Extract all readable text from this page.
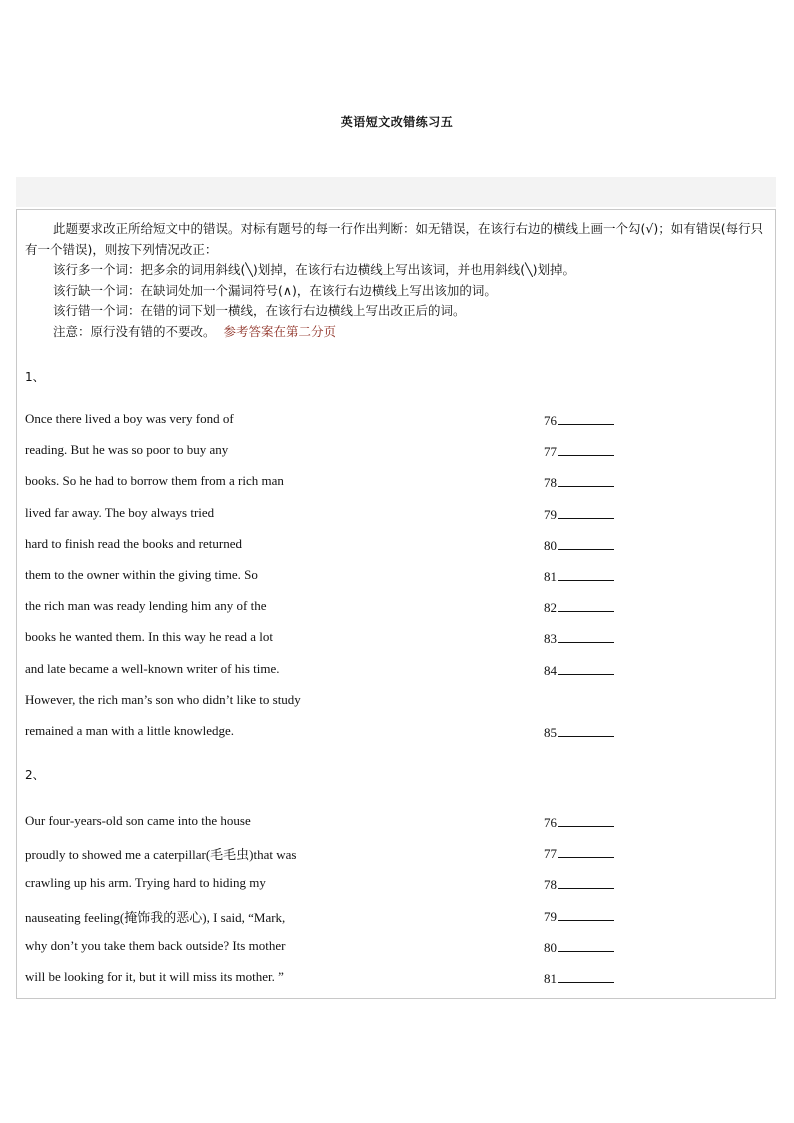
英语短文改错练习五

此题要求改正所给短文中的错误。对标有题号的每一行作出判断：如无错误，在该行右边的横线上画一个勾(√)；如有错误(每行只有一个错误)，则按下列情况改正：

该行多一个词：把多余的词用斜线(╲)划掉，在该行右边横线上写出该词，并也用斜线(╲)划掉。

该行缺一个词：在缺词处加一个漏词符号(∧)，在该行右边横线上写出该加的词。

该行错一个词：在错的词下划一横线，在该行右边横线上写出改正后的词。

注意：原行没有错的不要改。 参考答案在第二分页

1、
Once there lived a boy was very fond of	76
reading. But he was so poor to buy any	77
books. So he had to borrow them from a rich man	78
lived far away. The boy always tried	79
hard to finish read the books and returned	80
them to the owner within the giving time. So	81
the rich man was ready lending him any of the	82
books he wanted them. In this way he read a lot	83
and late became a well-known writer of his time.	84
However, the rich man’s son who didn’t like to study
remained a man with a little knowledge.	85
2、
Our four-years-old son came into the house	76
proudly to showed me a caterpillar(毛毛虫)that was	77
crawling up his arm. Trying hard to hiding my	78
nauseating feeling(掩饰我的恶心), I said, “Mark,	79
why don’t you take them back outside? Its mother	80
will be looking for it, but it will miss its mother. ”	81
